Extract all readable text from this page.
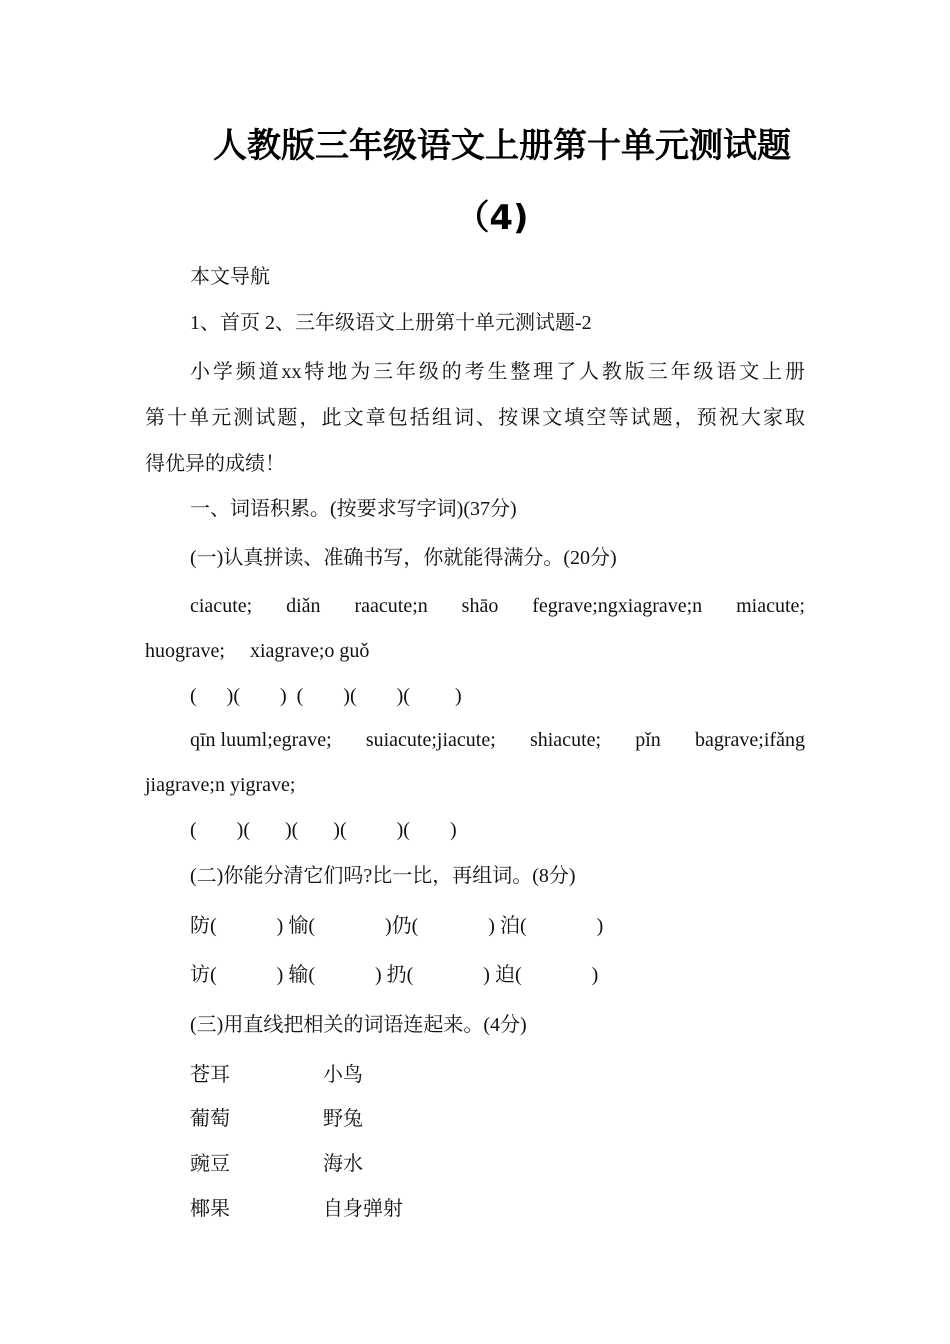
人教版三年级语文上册第十单元测试题
（4)
本文导航
1、首页 2、三年级语文上册第十单元测试题-2
小学频道xx特地为三年级的考生整理了人教版三年级语文上册
第十单元测试题，此文章包括组词、按课文填空等试题，预祝大家取
得优异的成绩！
一、词语积累。(按要求写字词)(37分)
(一)认真拼读、准确书写，你就能得满分。(20分)
ciacute; diǎn raacute;n shāo fegrave;ngxiagrave;n miacute;
huograve;     xiagrave;o guǒ
(      )(        )  (        )(        )(         )
qīn luuml;egrave; suiacute;jiacute; shiacute; pǐn bagrave;ifǎng
jiagrave;n yigrave;
(        )(       )(       )(          )(        )
(二)你能分清它们吗?比一比，再组词。(8分)
防(            ) 愉(              )仍(              ) 泊(              )
访(            ) 输(            ) 扔(              ) 迫(              )
(三)用直线把相关的词语连起来。(4分)
苍耳	小鸟
葡萄	野兔
豌豆	海水
椰果	自身弹射
